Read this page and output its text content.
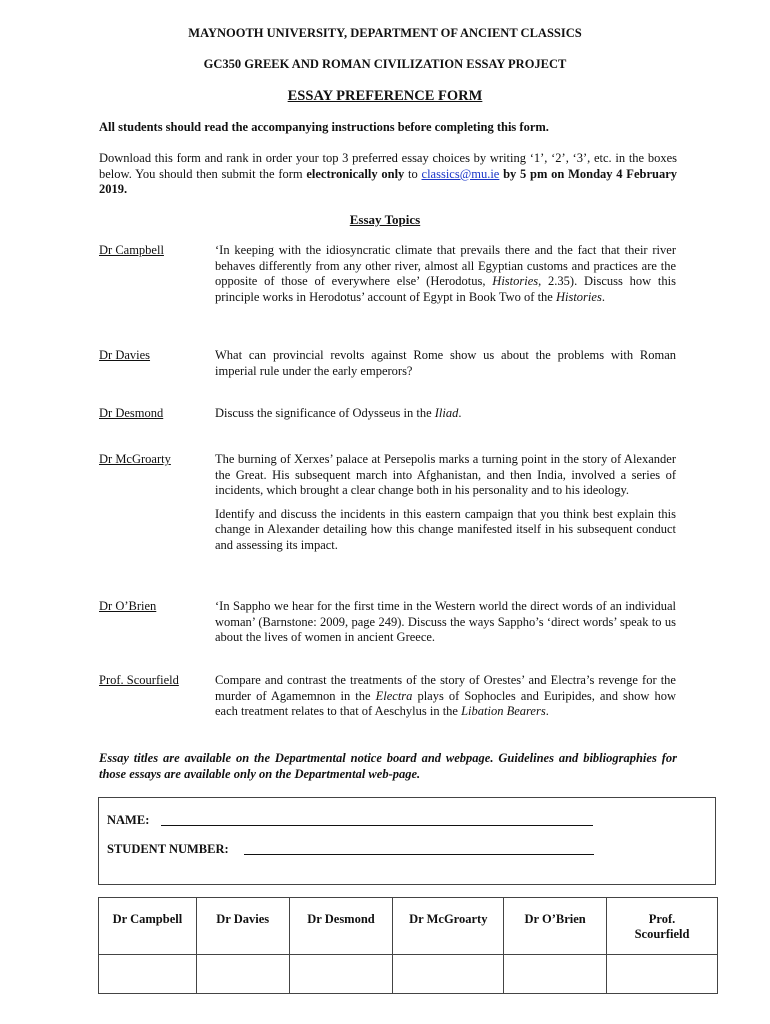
MAYNOOTH UNIVERSITY, DEPARTMENT OF ANCIENT CLASSICS
GC350 GREEK AND ROMAN CIVILIZATION ESSAY PROJECT
ESSAY PREFERENCE FORM
All students should read the accompanying instructions before completing this form.
Download this form and rank in order your top 3 preferred essay choices by writing ‘1’, ‘2’, ‘3’, etc. in the boxes below. You should then submit the form electronically only to classics@mu.ie by 5 pm on Monday 4 February 2019.
Essay Topics
Dr Campbell	‘In keeping with the idiosyncratic climate that prevails there and the fact that their river behaves differently from any other river, almost all Egyptian customs and practices are the opposite of those of everywhere else’ (Herodotus, Histories, 2.35). Discuss how this principle works in Herodotus’ account of Egypt in Book Two of the Histories.
Dr Davies	What can provincial revolts against Rome show us about the problems with Roman imperial rule under the early emperors?
Dr Desmond	Discuss the significance of Odysseus in the Iliad.
Dr McGroarty	The burning of Xerxes’ palace at Persepolis marks a turning point in the story of Alexander the Great. His subsequent march into Afghanistan, and then India, involved a series of incidents, which brought a clear change both in his personality and to his ideology.

Identify and discuss the incidents in this eastern campaign that you think best explain this change in Alexander detailing how this change manifested itself in his subsequent conduct and assessing its impact.

Dr O’Brien	‘In Sappho we hear for the first time in the Western world the direct words of an individual woman’ (Barnstone: 2009, page 249). Discuss the ways Sappho’s ‘direct words’ speak to us about the lives of women in ancient Greece.
Prof. Scourfield	Compare and contrast the treatments of the story of Orestes’ and Electra’s revenge for the murder of Agamemnon in the Electra plays of Sophocles and Euripides, and show how each treatment relates to that of Aeschylus in the Libation Bearers.
Essay titles are available on the Departmental notice board and webpage. Guidelines and bibliographies for those essays are available only on the Departmental web-page.
NAME:
STUDENT NUMBER:
Dr Campbell	Dr Davies	Dr Desmond	Dr McGroarty	Dr O’Brien	Prof. Scourfield
